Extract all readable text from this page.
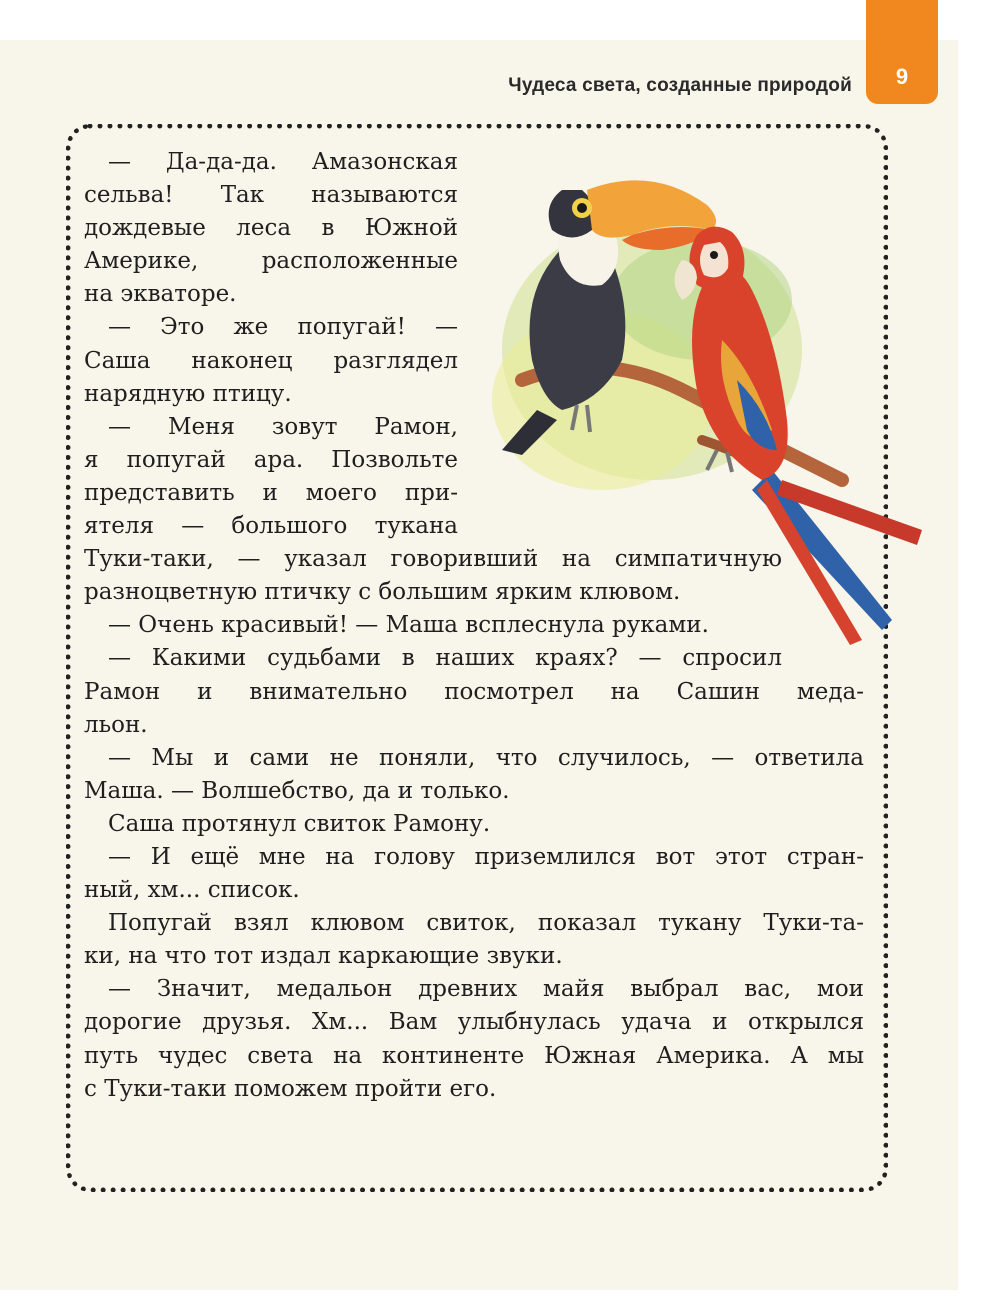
Чудеса света, созданные природой	9

— Да-да-да. Амазонская

сельва! Так называются

дождевые леса в Южной

Америке, расположенные

на экваторе.

— Это же попугай! —

Саша наконец разглядел

нарядную птицу.

— Меня зовут Рамон,

я попугай ара. Позвольте

представить и моего при-

ятеля — большого тукана

Туки-таки, — указал говоривший на симпатичную

разноцветную птичку с большим ярким клювом.

— Очень красивый! — Маша всплеснула руками.

— Какими судьбами в наших краях? — спросил

Рамон и внимательно посмотрел на Сашин меда-

льон.

— Мы и сами не поняли, что случилось, — ответила

Маша. — Волшебство, да и только.

Саша протянул свиток Рамону.

— И ещё мне на голову приземлился вот этот стран-

ный, хм... список.

Попугай взял клювом свиток, показал тукану Туки-та-

ки, на что тот издал каркающие звуки.

— Значит, медальон древних майя выбрал вас, мои

дорогие друзья. Хм... Вам улыбнулась удача и открылся

путь чудес света на континенте Южная Америка. А мы

с Туки-таки поможем пройти его.
